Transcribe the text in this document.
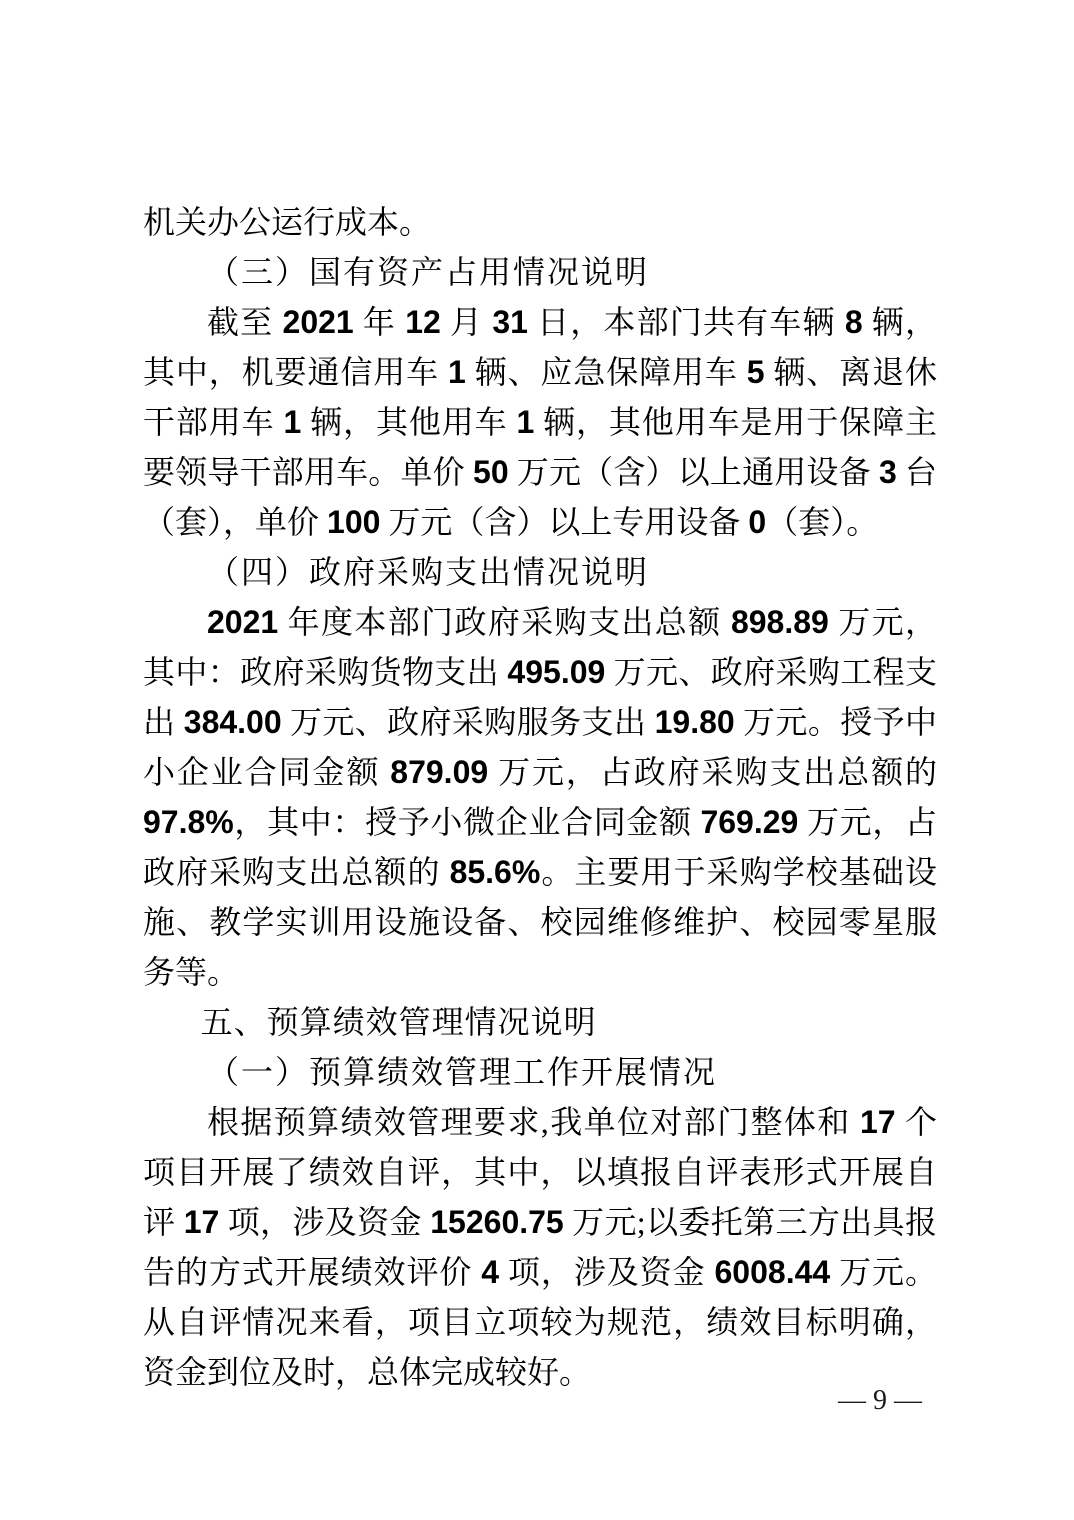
机关办公运行成本。

（三）国有资产占用情况说明

截至 2021 年 12 月 31 日，本部门共有车辆 8 辆，其中，机要通信用车 1 辆、应急保障用车 5 辆、离退休干部用车 1 辆，其他用车 1 辆，其他用车是用于保障主要领导干部用车。单价 50 万元（含）以上通用设备 3 台（套），单价 100 万元（含）以上专用设备 0（套）。

（四）政府采购支出情况说明

2021 年度本部门政府采购支出总额 898.89 万元，其中：政府采购货物支出 495.09 万元、政府采购工程支出 384.00 万元、政府采购服务支出 19.80 万元。授予中小企业合同金额 879.09 万元，占政府采购支出总额的 97.8%，其中：授予小微企业合同金额 769.29 万元，占政府采购支出总额的 85.6%。主要用于采购学校基础设施、教学实训用设施设备、校园维修维护、校园零星服务等。

五、预算绩效管理情况说明
（一）预算绩效管理工作开展情况

根据预算绩效管理要求,我单位对部门整体和 17 个项目开展了绩效自评，其中，以填报自评表形式开展自评 17 项，涉及资金 15260.75 万元;以委托第三方出具报告的方式开展绩效评价 4 项，涉及资金 6008.44 万元。从自评情况来看，项目立项较为规范，绩效目标明确，资金到位及时，总体完成较好。

— 9 —
